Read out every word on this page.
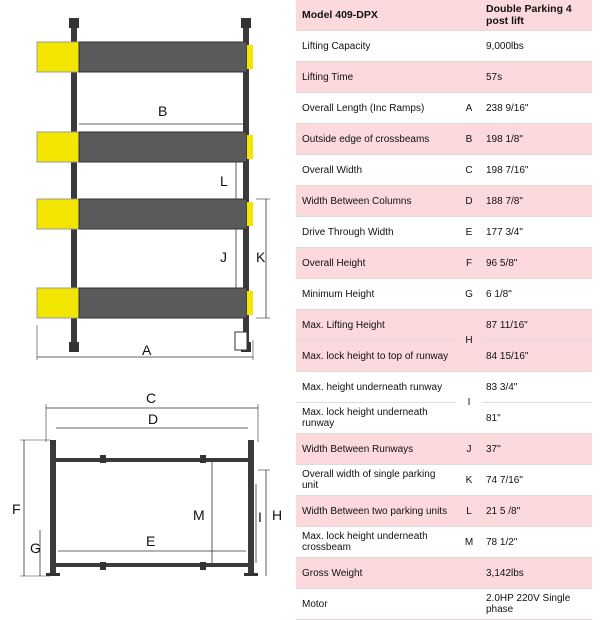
B
L
J K
A
C
D
F
G
M
E
H
I
Model 409-DPX		Double Parking 4 post lift
Lifting Capacity		9,000lbs
Lifting Time		57s
Overall Length (Inc Ramps)	A	238 9/16"
Outside edge of crossbeams	B	198 1/8"
Overall Width	C	198 7/16"
Width Between Columns	D	188 7/8"
Drive Through Width	E	177 3/4"
Overall Height	F	96 5/8"
Minimum Height	G	6 1/8"
Max. Lifting Height	H	87 11/16"
Max. lock height to top of runway		84 15/16"
Max. height underneath runway	I	83 3/4"
Max. lock height underneath runway		81"
Width Between Runways	J	37"
Overall width of single parking unit	K	74 7/16"
Width Between two parking units	L	21 5 /8"
Max. lock height underneath crossbeam	M	78 1/2"
Gross Weight		3,142lbs
Motor		2.0HP 220V Single phase
